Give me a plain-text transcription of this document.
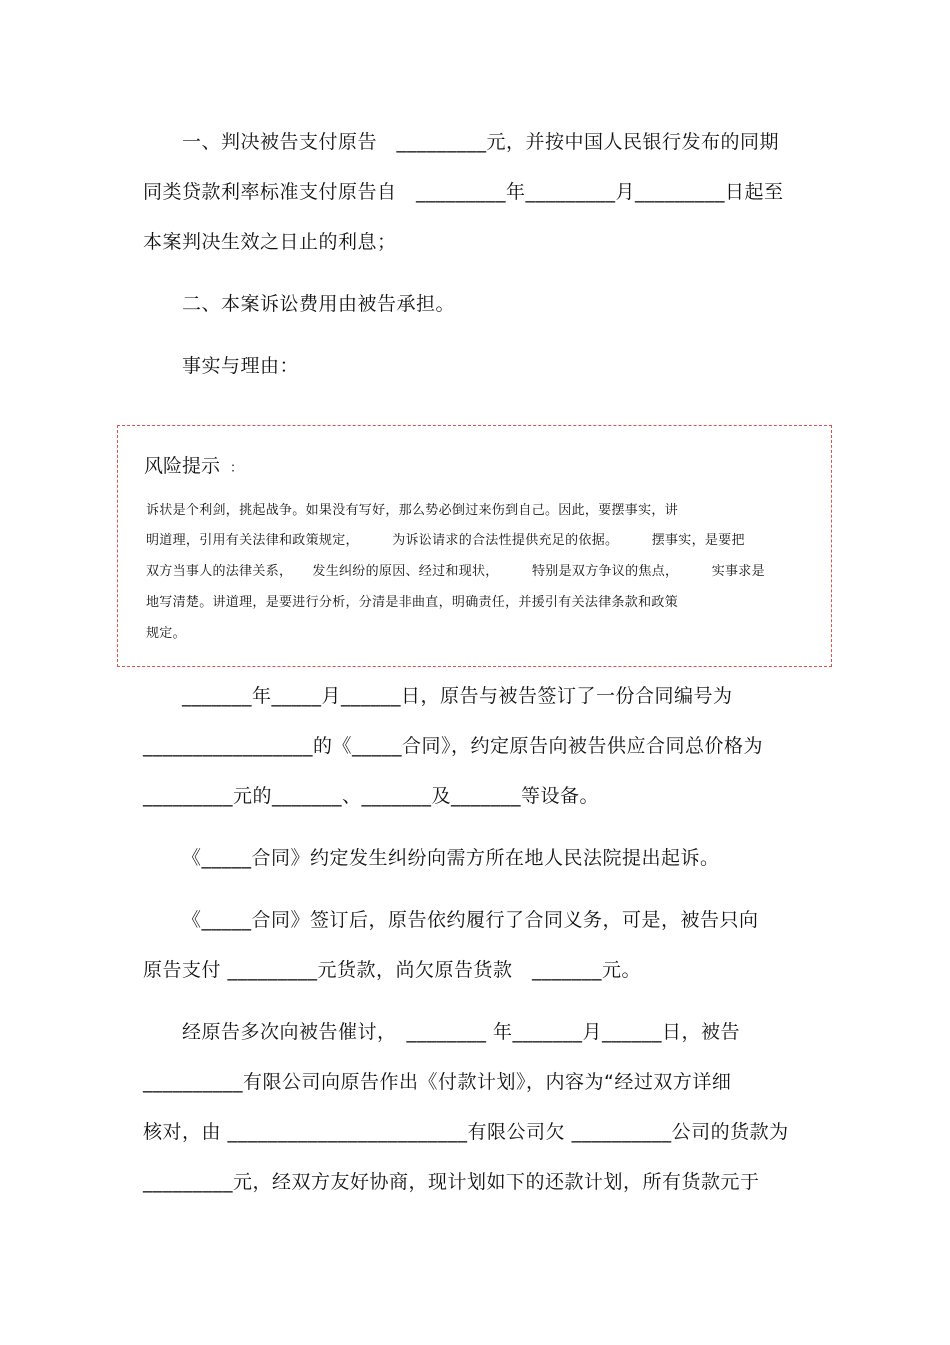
一、判决被告支付原告　_________元，并按中国人民银行发布的同期
同类贷款利率标准支付原告自　_________年_________月_________日起至
本案判决生效之日止的利息；
二、本案诉讼费用由被告承担。
事实与理由：
_______年_____月______日，原告与被告签订了一份合同编号为
_________________的《_____合同》，约定原告向被告供应合同总价格为
_________元的_______、_______及_______等设备。
《_____合同》约定发生纠纷向需方所在地人民法院提出起诉。
《_____合同》签订后，原告依约履行了合同义务，可是，被告只向
原告支付 _________元货款，尚欠原告货款　_______元。
经原告多次向被告催讨，　________ 年_______月______日，被告
__________有限公司向原告作出《付款计划》，内容为“经过双方详细
核对，由 ________________________有限公司欠 __________公司的货款为
_________元，经双方友好协商，现计划如下的还款计划，所有货款元于
风险提示 ：
诉状是个利剑，挑起战争。如果没有写好，那么势必倒过来伤到自己。因此，要摆事实，讲
明道理，引用有关法律和政策规定，　　　为诉讼请求的合法性提供充足的依据。　　　摆事实，是要把
双方当事人的法律关系，　　发生纠纷的原因、经过和现状，　　　特别是双方争议的焦点，　　　实事求是
地写清楚。讲道理，是要进行分析，分清是非曲直，明确责任，并援引有关法律条款和政策
规定。
